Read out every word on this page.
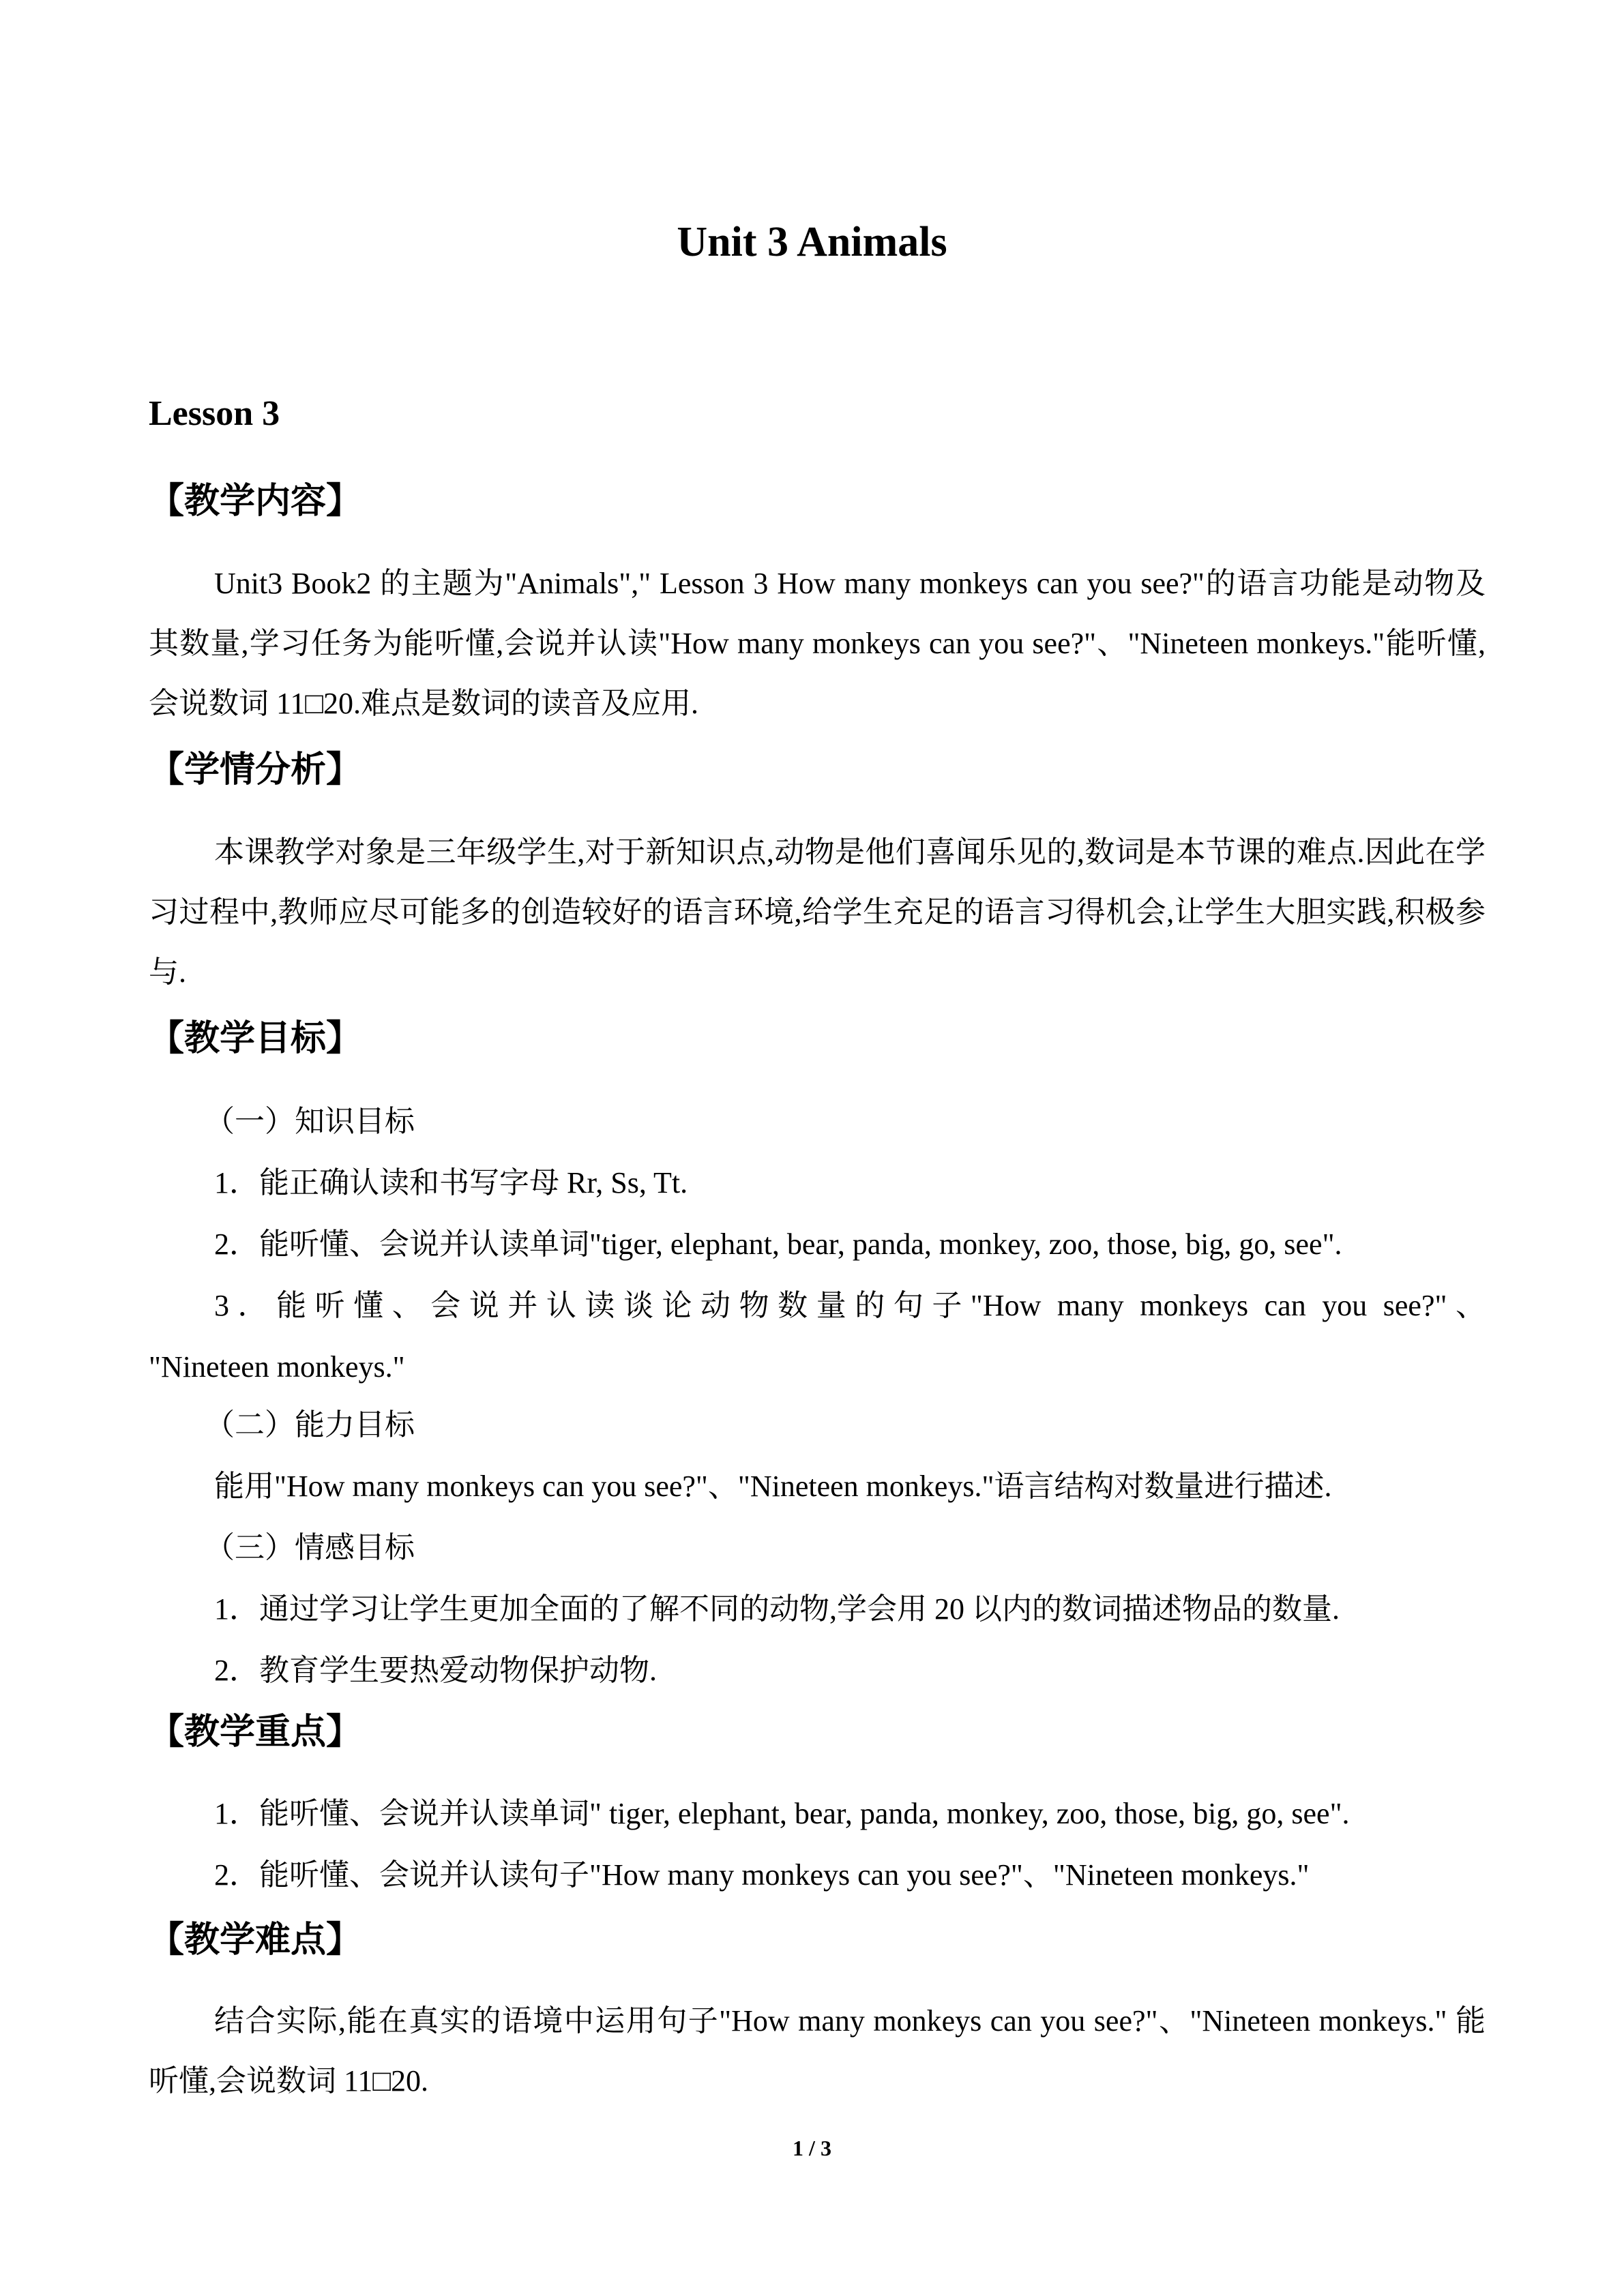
Unit 3 Animals
Lesson 3
【教学内容】
Unit3 Book2 的主题为"Animals"," Lesson 3 How many monkeys can you see?"的语言功能是动物及其数量,学习任务为能听懂,会说并认读"How many monkeys can you see?"、"Nineteen monkeys."能听懂,会说数词 11□20.难点是数词的读音及应用.
【学情分析】
本课教学对象是三年级学生,对于新知识点,动物是他们喜闻乐见的,数词是本节课的难点.因此在学习过程中,教师应尽可能多的创造较好的语言环境,给学生充足的语言习得机会,让学生大胆实践,积极参与.
【教学目标】
（一）知识目标
1．能正确认读和书写字母 Rr, Ss, Tt.
2．能听懂、会说并认读单词"tiger, elephant, bear, panda, monkey, zoo, those, big, go, see".
3．能听懂、会说并认读谈论动物数量的句子"How many monkeys can you see?"、
"Nineteen monkeys."
（二）能力目标
能用"How many monkeys can you see?"、"Nineteen monkeys."语言结构对数量进行描述.
（三）情感目标
1．通过学习让学生更加全面的了解不同的动物,学会用 20 以内的数词描述物品的数量.
2．教育学生要热爱动物保护动物.
【教学重点】
1．能听懂、会说并认读单词" tiger, elephant, bear, panda, monkey, zoo, those, big, go, see".
2．能听懂、会说并认读句子"How many monkeys can you see?"、"Nineteen monkeys."
【教学难点】
结合实际,能在真实的语境中运用句子"How many monkeys can you see?"、"Nineteen monkeys." 能听懂,会说数词 11□20.
1 / 3
